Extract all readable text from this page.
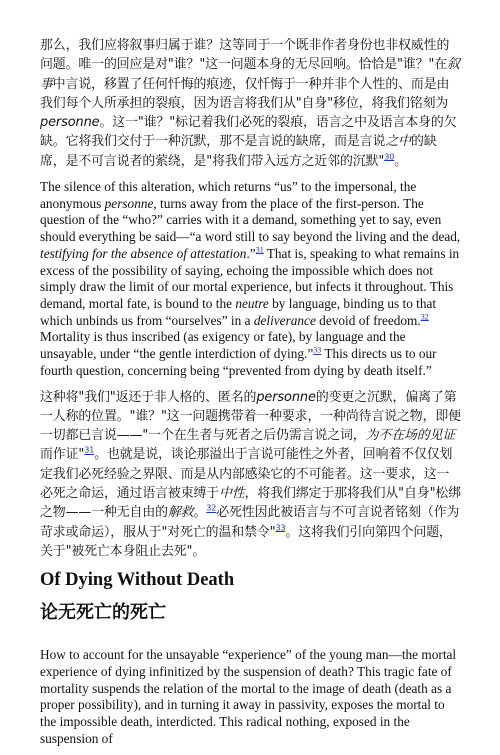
那么，我们应将叙事归属于谁？这等同于一个既非作者身份也非权威性的问题。唯一的回应是对"谁？"这一问题本身的无尽回响。恰恰是"谁？"在叙事中言说，移置了任何忏悔的痕迹，仅忏悔于一种并非个人性的、而是由我们每个人所承担的裂痕，因为语言将我们从"自身"移位，将我们铭刻为personne。这一"谁？"标记着我们必死的裂痕，语言之中及语言本身的欠缺。它将我们交付于一种沉默，那不是言说的缺席，而是言说之中的缺席，是不可言说者的萦绕，是"将我们带入远方之近邻的沉默"$^{30}$。

The silence of this alteration, which returns “us” to the impersonal, the anonymous personne, turns away from the place of the first-person. The question of the “who?” carries with it a demand, something yet to say, even should everything be said—“a word still to say beyond the living and the dead, testifying for the absence of attestation.”$^{31}$ That is, speaking to what remains in excess of the possibility of saying, echoing the impossible which does not simply draw the limit of our mortal experience, but infects it throughout. This demand, mortal fate, is bound to the neutre by language, binding us to that which unbinds us from “ourselves” in a deliverance devoid of freedom.$^{32}$ Mortality is thus inscribed (as exigency or fate), by language and the unsayable, under “the gentle interdiction of dying.”$^{33}$ This directs us to our fourth question, concerning being “prevented from dying by death itself.”

这种将"我们"返还于非人格的、匿名的personne的变更之沉默，偏离了第一人称的位置。"谁？"这一问题携带着一种要求，一种尚待言说之物，即便一切都已言说——"一个在生者与死者之后仍需言说之词，为不在场的见证而作证"$^{31}$。也就是说，谈论那溢出于言说可能性之外者，回响着不仅仅划定我们必死经验之界限、而是从内部感染它的不可能者。这一要求，这一必死之命运，通过语言被束缚于中性，将我们绑定于那将我们从"自身"松绑之物——一种无自由的解救。$^{32}$必死性因此被语言与不可言说者铭刻（作为苛求或命运），服从于"对死亡的温和禁令"$^{33}$。这将我们引向第四个问题，关于"被死亡本身阻止去死"。

Of Dying Without Death
论无死亡的死亡

How to account for the unsayable “experience” of the young man—the mortal experience of dying infinitized by the suspension of death? This tragic fate of mortality suspends the relation of the mortal to the image of death (death as a proper possibility), and in turning it away in passivity, exposes the mortal to the impossible death, interdicted. This radical nothing, exposed in the suspension of
